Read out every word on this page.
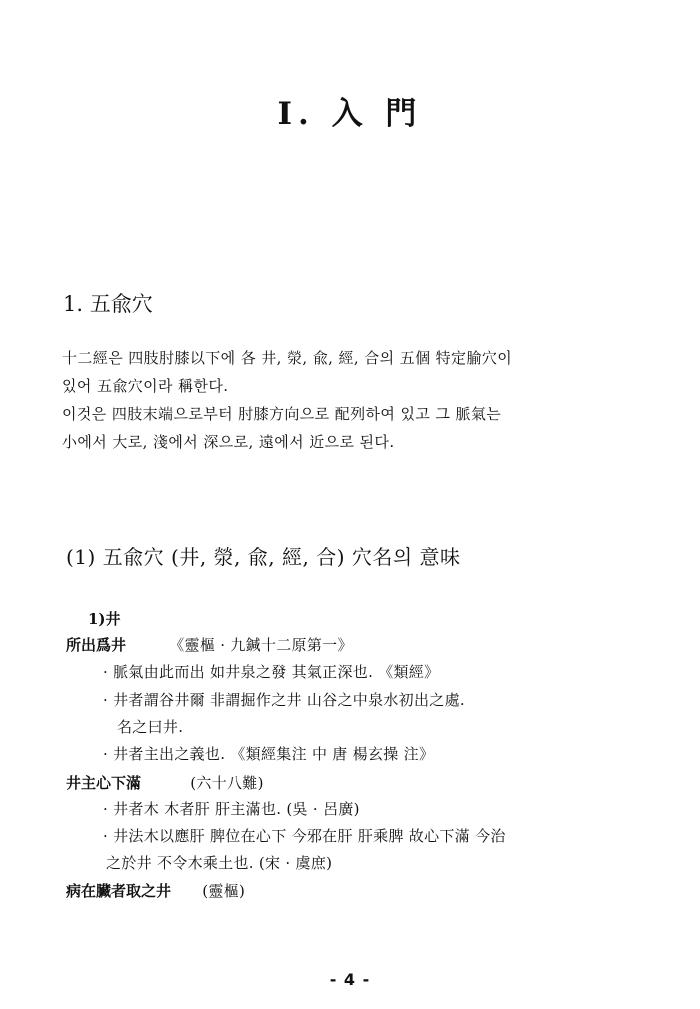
I. 入 門
1. 五兪穴
十二經은 四肢肘膝以下에 各 井, 滎, 兪, 經, 合의 五個 特定腧穴이
있어 五兪穴이라 稱한다.
이것은 四肢末端으로부터 肘膝方向으로 配列하여 있고 그 脈氣는
小에서 大로, 淺에서 深으로, 遠에서 近으로 된다.
(1) 五兪穴 (井, 滎, 兪, 經, 合) 穴名의 意味
1)井
所出爲井	《靈樞 · 九鍼十二原第一》
· 脈氣由此而出 如井泉之發 其氣正深也. 《類經》
· 井者謂谷井爾 非謂掘作之井 山谷之中泉水初出之處.
名之曰井.
· 井者主出之義也. 《類經集注 中 唐 楊玄操 注》
井主心下滿	(六十八難)
· 井者木 木者肝 肝主滿也. (吳 · 呂廣)
· 井法木以應肝 脾位在心下 今邪在肝 肝乘脾 故心下滿 今治
之於井 不令木乘土也. (宋 · 虞庶)
病在臟者取之井 (靈樞)
- 4 -
